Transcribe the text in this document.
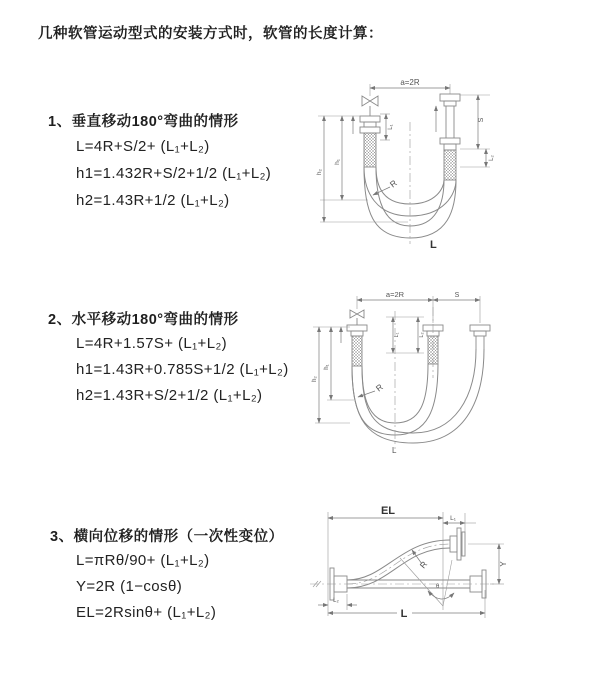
几种软管运动型式的安装方式时，软管的长度计算：
1、垂直移动180°弯曲的情形
L=4R+S/2+ (L₁+L₂)
h1=1.432R+S/2+1/2 (L₁+L₂)
h2=1.43R+1/2 (L₁+L₂)
2、水平移动180°弯曲的情形
L=4R+1.57S+ (L₁+L₂)
h1=1.43R+0.785S+1/2 (L₁+L₂)
h2=1.43R+S/2+1/2 (L₁+L₂)
3、横向位移的情形（一次性变位）
L=πRθ/90+ (L₁+L₂)
Y=2R (1−cosθ)
EL=2Rsinθ+ (L₁+L₂)
a=2R
L₁
S
L₂
R
h₁
h₂
L
a=2R	S
L₁	L₂
R
h₁
h₂
L
EL
L₁
θ
R	Y
L₂
L
